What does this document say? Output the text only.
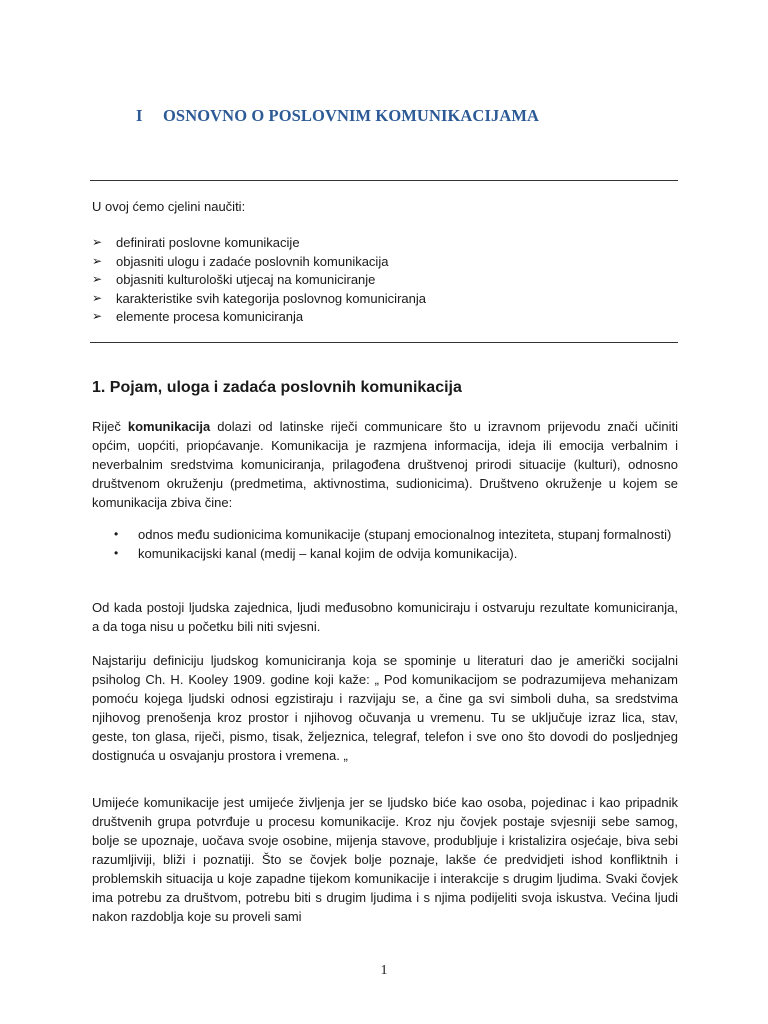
I OSNOVNO O POSLOVNIM KOMUNIKACIJAMA
U ovoj ćemo cjelini naučiti:
➢ definirati poslovne komunikacije
➢ objasniti ulogu i zadaće poslovnih komunikacija
➢ objasniti kulturološki utjecaj na komuniciranje
➢ karakteristike svih kategorija poslovnog komuniciranja
➢ elemente procesa komuniciranja
1. Pojam, uloga i zadaća poslovnih komunikacija
Riječ komunikacija dolazi od latinske riječi communicare što u izravnom prijevodu znači učiniti općim, uopćiti, priopćavanje. Komunikacija je razmjena informacija, ideja ili emocija verbalnim i neverbalnim sredstvima komuniciranja, prilagođena društvenoj prirodi situacije (kulturi), odnosno društvenom okruženju (predmetima, aktivnostima, sudionicima). Društveno okruženje u kojem se komunikacija zbiva čine:
• odnos među sudionicima komunikacije (stupanj emocionalnog inteziteta, stupanj formalnosti)
• komunikacijski kanal (medij – kanal kojim de odvija komunikacija).
Od kada postoji ljudska zajednica, ljudi međusobno komuniciraju i ostvaruju rezultate komuniciranja, a da toga nisu u početku bili niti svjesni.
Najstariju definiciju ljudskog komuniciranja koja se spominje u literaturi dao je američki socijalni psiholog Ch. H. Kooley 1909. godine koji kaže: „ Pod komunikacijom se podrazumijeva mehanizam pomoću kojega ljudski odnosi egzistiraju i razvijaju se, a čine ga svi simboli duha, sa sredstvima njihovog prenošenja kroz prostor i njihovog očuvanja u vremenu. Tu se uključuje izraz lica, stav, geste, ton glasa, riječi, pismo, tisak, željeznica, telegraf, telefon i sve ono što dovodi do posljednjeg dostignuća u osvajanju prostora i vremena. „
Umijeće komunikacije jest umijeće življenja jer se ljudsko biće kao osoba, pojedinac i kao pripadnik društvenih grupa potvrđuje u procesu komunikacije. Kroz nju čovjek postaje svjesniji sebe samog, bolje se upoznaje, uočava svoje osobine, mijenja stavove, produbljuje i kristalizira osjećaje, biva sebi razumljiviji, bliži i poznatiji. Što se čovjek bolje poznaje, lakše će predvidjeti ishod konfliktnih i problemskih situacija u koje zapadne tijekom komunikacije i interakcije s drugim ljudima. Svaki čovjek ima potrebu za društvom, potrebu biti s drugim ljudima i s njima podijeliti svoja iskustva. Većina ljudi nakon razdoblja koje su proveli sami
1
